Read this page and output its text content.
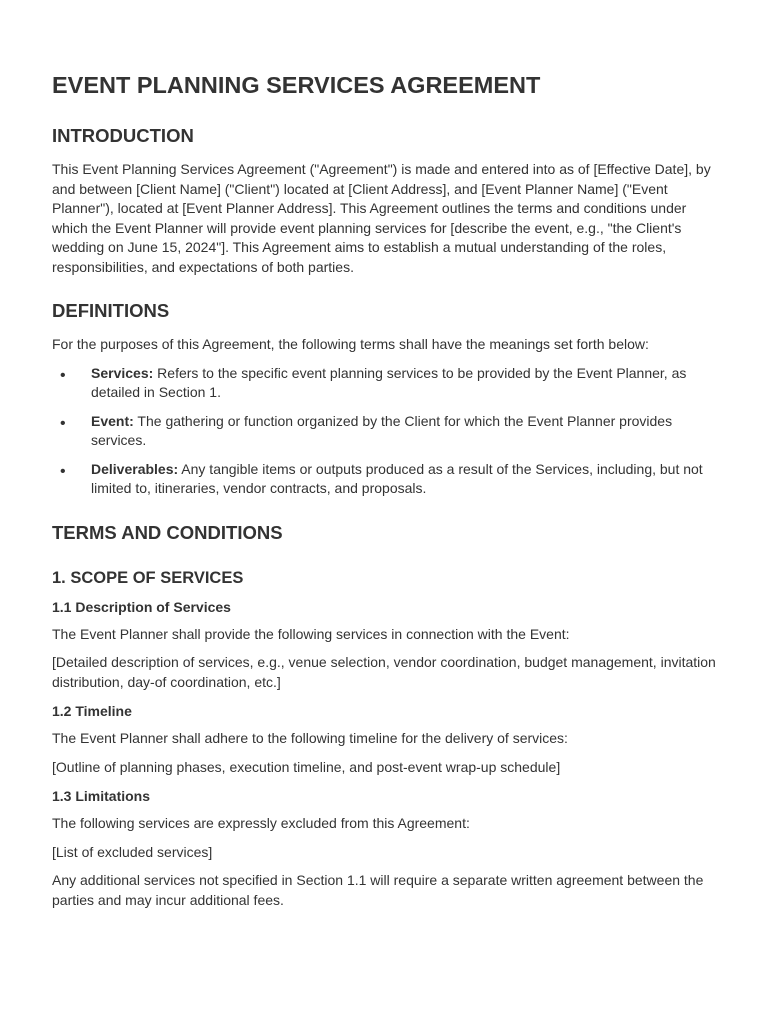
EVENT PLANNING SERVICES AGREEMENT
INTRODUCTION

This Event Planning Services Agreement ("Agreement") is made and entered into as of [Effective Date], by and between [Client Name] ("Client") located at [Client Address], and [Event Planner Name] ("Event Planner"), located at [Event Planner Address]. This Agreement outlines the terms and conditions under which the Event Planner will provide event planning services for [describe the event, e.g., "the Client's wedding on June 15, 2024"]. This Agreement aims to establish a mutual understanding of the roles, responsibilities, and expectations of both parties.

DEFINITIONS

For the purposes of this Agreement, the following terms shall have the meanings set forth below:

• Services: Refers to the specific event planning services to be provided by the Event Planner, as detailed in Section 1.
• Event: The gathering or function organized by the Client for which the Event Planner provides services.
• Deliverables: Any tangible items or outputs produced as a result of the Services, including, but not limited to, itineraries, vendor contracts, and proposals.
TERMS AND CONDITIONS
1. SCOPE OF SERVICES
1.1 Description of Services

The Event Planner shall provide the following services in connection with the Event:

[Detailed description of services, e.g., venue selection, vendor coordination, budget management, invitation distribution, day-of coordination, etc.]

1.2 Timeline

The Event Planner shall adhere to the following timeline for the delivery of services:

[Outline of planning phases, execution timeline, and post-event wrap-up schedule]

1.3 Limitations

The following services are expressly excluded from this Agreement:

[List of excluded services]

Any additional services not specified in Section 1.1 will require a separate written agreement between the parties and may incur additional fees.
